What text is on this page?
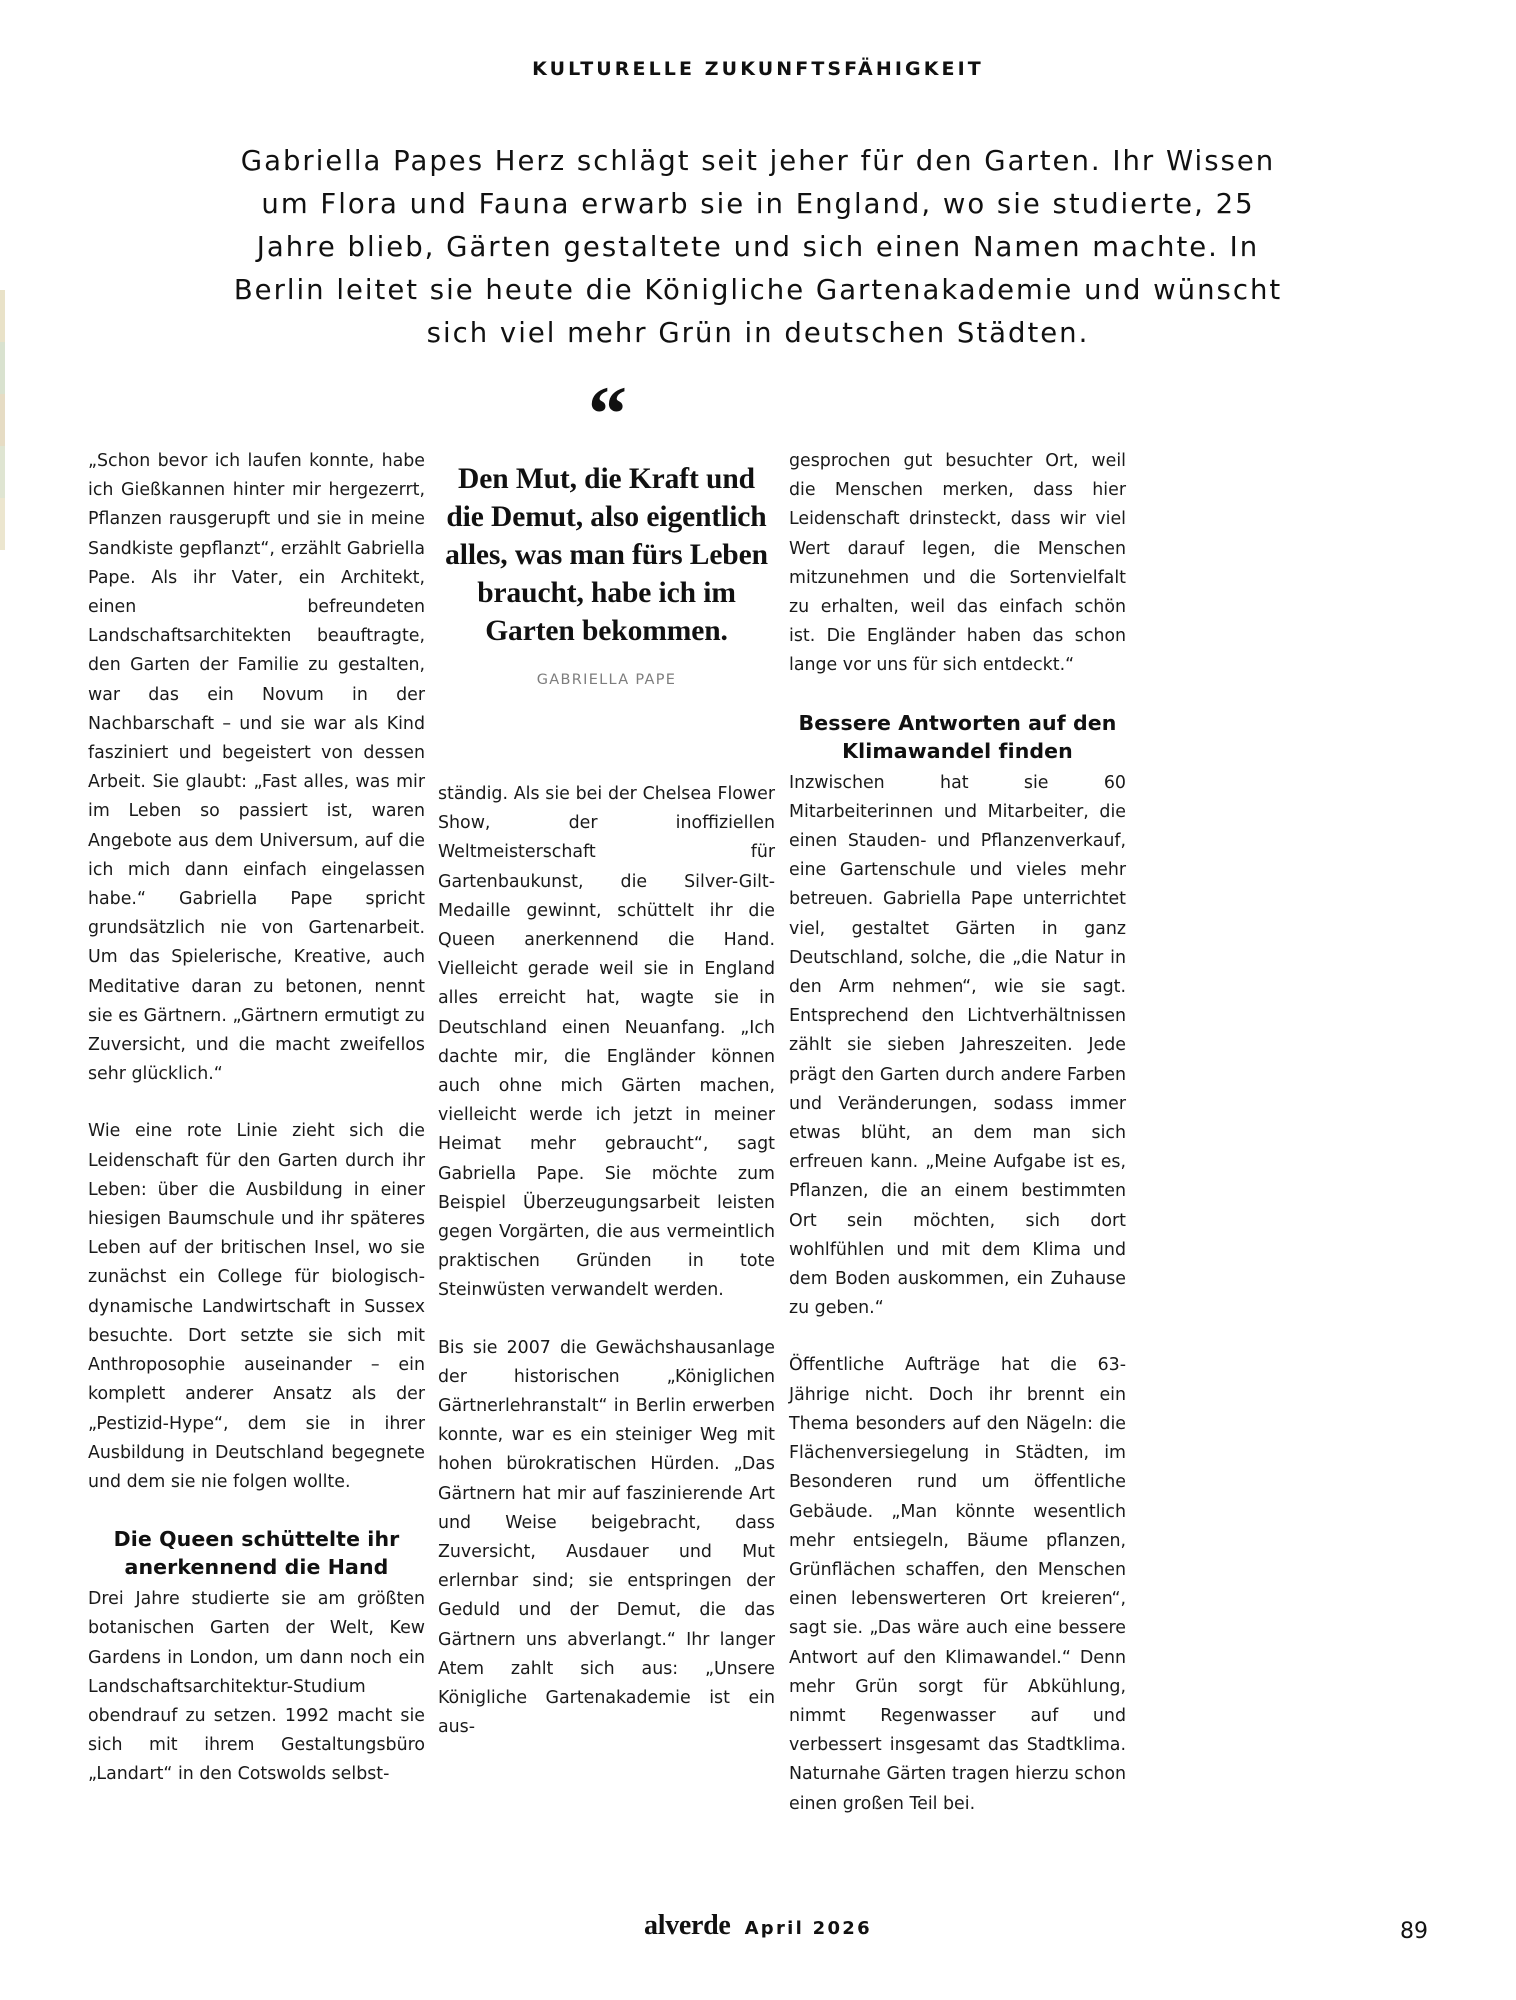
KULTURELLE ZUKUNFTSFÄHIGKEIT
Gabriella Papes Herz schlägt seit jeher für den Garten. Ihr Wissen um Flora und Fauna erwarb sie in England, wo sie studierte, 25 Jahre blieb, Gärten gestaltete und sich einen Namen machte. In Berlin leitet sie heute die Königliche Gartenakademie und wünscht sich viel mehr Grün in deutschen Städten.
“
Den Mut, die Kraft und die Demut, also eigentlich alles, was man fürs Leben braucht, habe ich im Garten bekommen.
GABRIELLA PAPE

„Schon bevor ich laufen konnte, habe ich Gießkannen hinter mir hergezerrt, Pflanzen rausgerupft und sie in meine Sandkiste gepflanzt“, erzählt Gabriella Pape. Als ihr Vater, ein Architekt, einen befreundeten Landschaftsarchitekten beauftragte, den Garten der Familie zu gestalten, war das ein Novum in der Nachbarschaft – und sie war als Kind fasziniert und begeistert von dessen Arbeit. Sie glaubt: „Fast alles, was mir im Leben so passiert ist, waren Angebote aus dem Universum, auf die ich mich dann einfach eingelassen habe.“ Gabriella Pape spricht grundsätzlich nie von Gartenarbeit. Um das Spielerische, Kreative, auch Meditative daran zu betonen, nennt sie es Gärtnern. „Gärtnern ermutigt zu Zuversicht, und die macht zweifellos sehr glücklich.“

Wie eine rote Linie zieht sich die Leidenschaft für den Garten durch ihr Leben: über die Ausbildung in einer hiesigen Baumschule und ihr späteres Leben auf der britischen Insel, wo sie zunächst ein College für biologisch-dynamische Landwirtschaft in Sussex besuchte. Dort setzte sie sich mit Anthroposophie auseinander – ein komplett anderer Ansatz als der „Pestizid-Hype“, dem sie in ihrer Ausbildung in Deutschland begegnete und dem sie nie folgen wollte.

Die Queen schüttelte ihr anerkennend die Hand

Drei Jahre studierte sie am größten botanischen Garten der Welt, Kew Gardens in London, um dann noch ein Landschaftsarchitektur-Studium obendrauf zu setzen. 1992 macht sie sich mit ihrem Gestaltungsbüro „Landart“ in den Cotswolds selbst-

ständig. Als sie bei der Chelsea Flower Show, der inoffiziellen Weltmeisterschaft für Gartenbaukunst, die Silver-Gilt-Medaille gewinnt, schüttelt ihr die Queen anerkennend die Hand. Vielleicht gerade weil sie in England alles erreicht hat, wagte sie in Deutschland einen Neuanfang. „Ich dachte mir, die Engländer können auch ohne mich Gärten machen, vielleicht werde ich jetzt in meiner Heimat mehr gebraucht“, sagt Gabriella Pape. Sie möchte zum Beispiel Überzeugungsarbeit leisten gegen Vorgärten, die aus vermeintlich praktischen Gründen in tote Steinwüsten verwandelt werden.

Bis sie 2007 die Gewächshausanlage der historischen „Königlichen Gärtnerlehranstalt“ in Berlin erwerben konnte, war es ein steiniger Weg mit hohen bürokratischen Hürden. „Das Gärtnern hat mir auf faszinierende Art und Weise beigebracht, dass Zuversicht, Ausdauer und Mut erlernbar sind; sie entspringen der Geduld und der Demut, die das Gärtnern uns abverlangt.“ Ihr langer Atem zahlt sich aus: „Unsere Königliche Gartenakademie ist ein aus-

gesprochen gut besuchter Ort, weil die Menschen merken, dass hier Leidenschaft drinsteckt, dass wir viel Wert darauf legen, die Menschen mitzunehmen und die Sortenvielfalt zu erhalten, weil das einfach schön ist. Die Engländer haben das schon lange vor uns für sich entdeckt.“

Bessere Antworten auf den Klimawandel finden

Inzwischen hat sie 60 Mitarbeiterinnen und Mitarbeiter, die einen Stauden- und Pflanzenverkauf, eine Gartenschule und vieles mehr betreuen. Gabriella Pape unterrichtet viel, gestaltet Gärten in ganz Deutschland, solche, die „die Natur in den Arm nehmen“, wie sie sagt. Entsprechend den Lichtverhältnissen zählt sie sieben Jahreszeiten. Jede prägt den Garten durch andere Farben und Veränderungen, sodass immer etwas blüht, an dem man sich erfreuen kann. „Meine Aufgabe ist es, Pflanzen, die an einem bestimmten Ort sein möchten, sich dort wohlfühlen und mit dem Klima und dem Boden auskommen, ein Zuhause zu geben.“

Öffentliche Aufträge hat die 63-Jährige nicht. Doch ihr brennt ein Thema besonders auf den Nägeln: die Flächenversiegelung in Städten, im Besonderen rund um öffentliche Gebäude. „Man könnte wesentlich mehr entsiegeln, Bäume pflanzen, Grünflächen schaffen, den Menschen einen lebenswerteren Ort kreieren“, sagt sie. „Das wäre auch eine bessere Antwort auf den Klimawandel.“ Denn mehr Grün sorgt für Abkühlung, nimmt Regenwasser auf und verbessert insgesamt das Stadtklima. Naturnahe Gärten tragen hierzu schon einen großen Teil bei.

alverde April 2026	89
